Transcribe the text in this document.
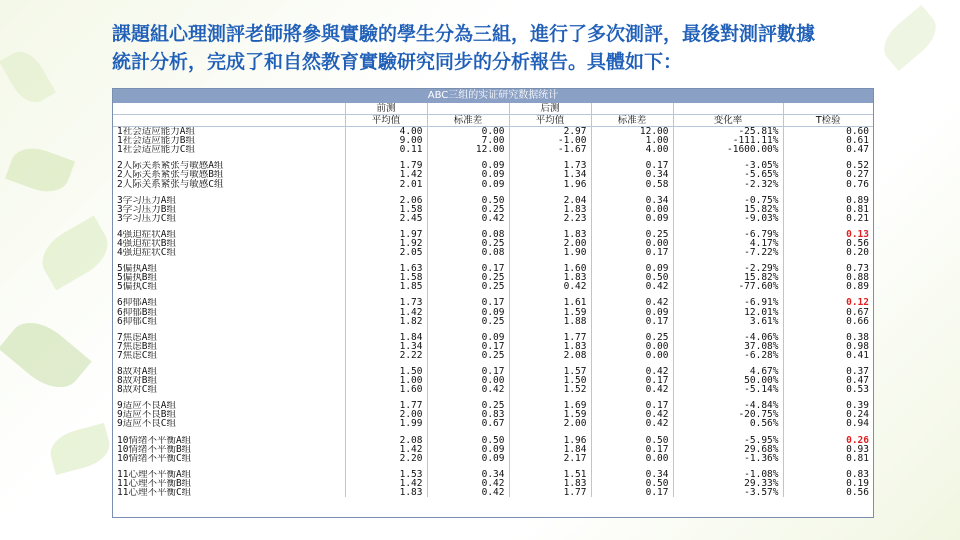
課題組心理測評老師將參與實驗的學生分為三組，進行了多次測評，最後對測評數據統計分析，完成了和自然教育實驗研究同步的分析報告。具體如下：
ABC三组的实证研究数据统计
	前测		后测			
	平均值	标准差	平均值	标准差	变化率	T检验
1社会适应能力A组	4.00	0.00	2.97	12.00	-25.81%	0.60
1社会适应能力B组	9.00	7.00	-1.00	1.00	-111.11%	0.61
1社会适应能力C组	0.11	12.00	-1.67	4.00	-1600.00%	0.47

2人际关系紧张与敏感A组	1.79	0.09	1.73	0.17	-3.05%	0.52
2人际关系紧张与敏感B组	1.42	0.09	1.34	0.34	-5.65%	0.27
2人际关系紧张与敏感C组	2.01	0.09	1.96	0.58	-2.32%	0.76

3学习压力A组	2.06	0.50	2.04	0.34	-0.75%	0.89
3学习压力B组	1.58	0.25	1.83	0.00	15.82%	0.81
3学习压力C组	2.45	0.42	2.23	0.09	-9.03%	0.21

4强迫症状A组	1.97	0.08	1.83	0.25	-6.79%	0.13
4强迫症状B组	1.92	0.25	2.00	0.00	4.17%	0.56
4强迫症状C组	2.05	0.08	1.90	0.17	-7.22%	0.20

5偏执A组	1.63	0.17	1.60	0.09	-2.29%	0.73
5偏执B组	1.58	0.25	1.83	0.50	15.82%	0.88
5偏执C组	1.85	0.25	0.42	0.42	-77.60%	0.89

6抑郁A组	1.73	0.17	1.61	0.42	-6.91%	0.12
6抑郁B组	1.42	0.09	1.59	0.09	12.01%	0.67
6抑郁C组	1.82	0.25	1.88	0.17	3.61%	0.66

7焦虑A组	1.84	0.09	1.77	0.25	-4.06%	0.38
7焦虑B组	1.34	0.17	1.83	0.00	37.08%	0.98
7焦虑C组	2.22	0.25	2.08	0.00	-6.28%	0.41

8敌对A组	1.50	0.17	1.57	0.42	4.67%	0.37
8敌对B组	1.00	0.00	1.50	0.17	50.00%	0.47
8敌对C组	1.60	0.42	1.52	0.42	-5.14%	0.53

9适应不良A组	1.77	0.25	1.69	0.17	-4.84%	0.39
9适应不良B组	2.00	0.83	1.59	0.42	-20.75%	0.24
9适应不良C组	1.99	0.67	2.00	0.42	0.56%	0.94

10情绪不平衡A组	2.08	0.50	1.96	0.50	-5.95%	0.26
10情绪不平衡B组	1.42	0.09	1.84	0.17	29.68%	0.93
10情绪不平衡C组	2.20	0.09	2.17	0.00	-1.36%	0.81

11心理不平衡A组	1.53	0.34	1.51	0.34	-1.08%	0.83
11心理不平衡B组	1.42	0.42	1.83	0.50	29.33%	0.19
11心理不平衡C组	1.83	0.42	1.77	0.17	-3.57%	0.56
